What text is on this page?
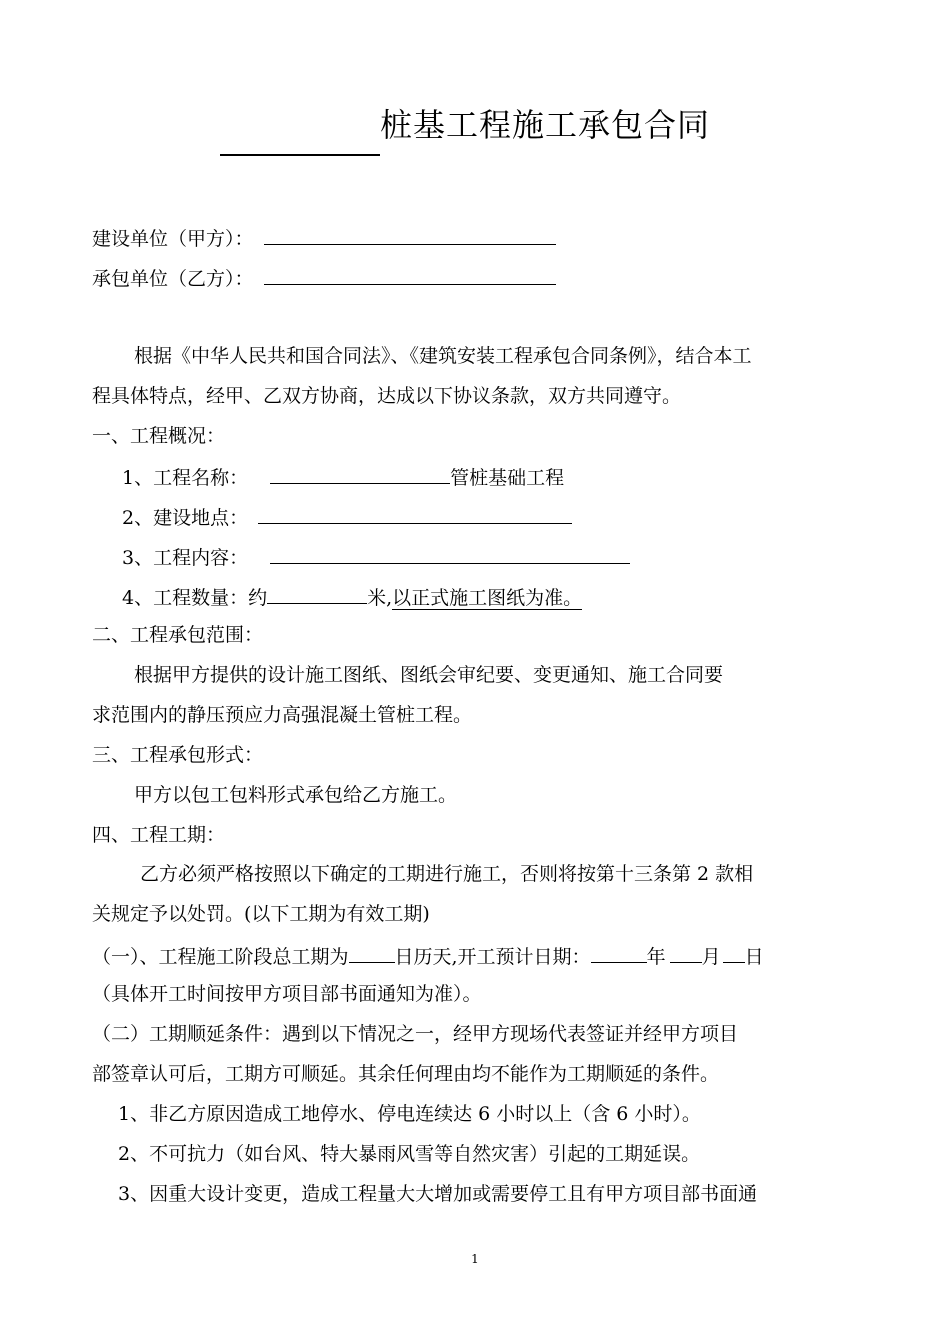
桩基工程施工承包合同
建设单位（甲方）：
承包单位（乙方）：
根据《中华人民共和国合同法》、《建筑安装工程承包合同条例》，结合本工
程具体特点，经甲、乙双方协商，达成以下协议条款，双方共同遵守。
一、工程概况：
1、工程名称：	管桩基础工程
2、建设地点：
3、工程内容：
4、工程数量：约	米,以正式施工图纸为准。
二、工程承包范围：
根据甲方提供的设计施工图纸、图纸会审纪要、变更通知、施工合同要
求范围内的静压预应力高强混凝土管桩工程。
三、工程承包形式：
甲方以包工包料形式承包给乙方施工。
四、工程工期：
乙方必须严格按照以下确定的工期进行施工，否则将按第十三条第 2 款相
关规定予以处罚。(以下工期为有效工期)
（一）、工程施工阶段总工期为 日历天,开工预计日期：	年 月 日
（具体开工时间按甲方项目部书面通知为准）。
（二）工期顺延条件：遇到以下情况之一，经甲方现场代表签证并经甲方项目
部签章认可后，工期方可顺延。其余任何理由均不能作为工期顺延的条件。
1、非乙方原因造成工地停水、停电连续达 6 小时以上（含 6 小时）。
2、不可抗力（如台风、特大暴雨风雪等自然灾害）引起的工期延误。
3、因重大设计变更，造成工程量大大增加或需要停工且有甲方项目部书面通
1
